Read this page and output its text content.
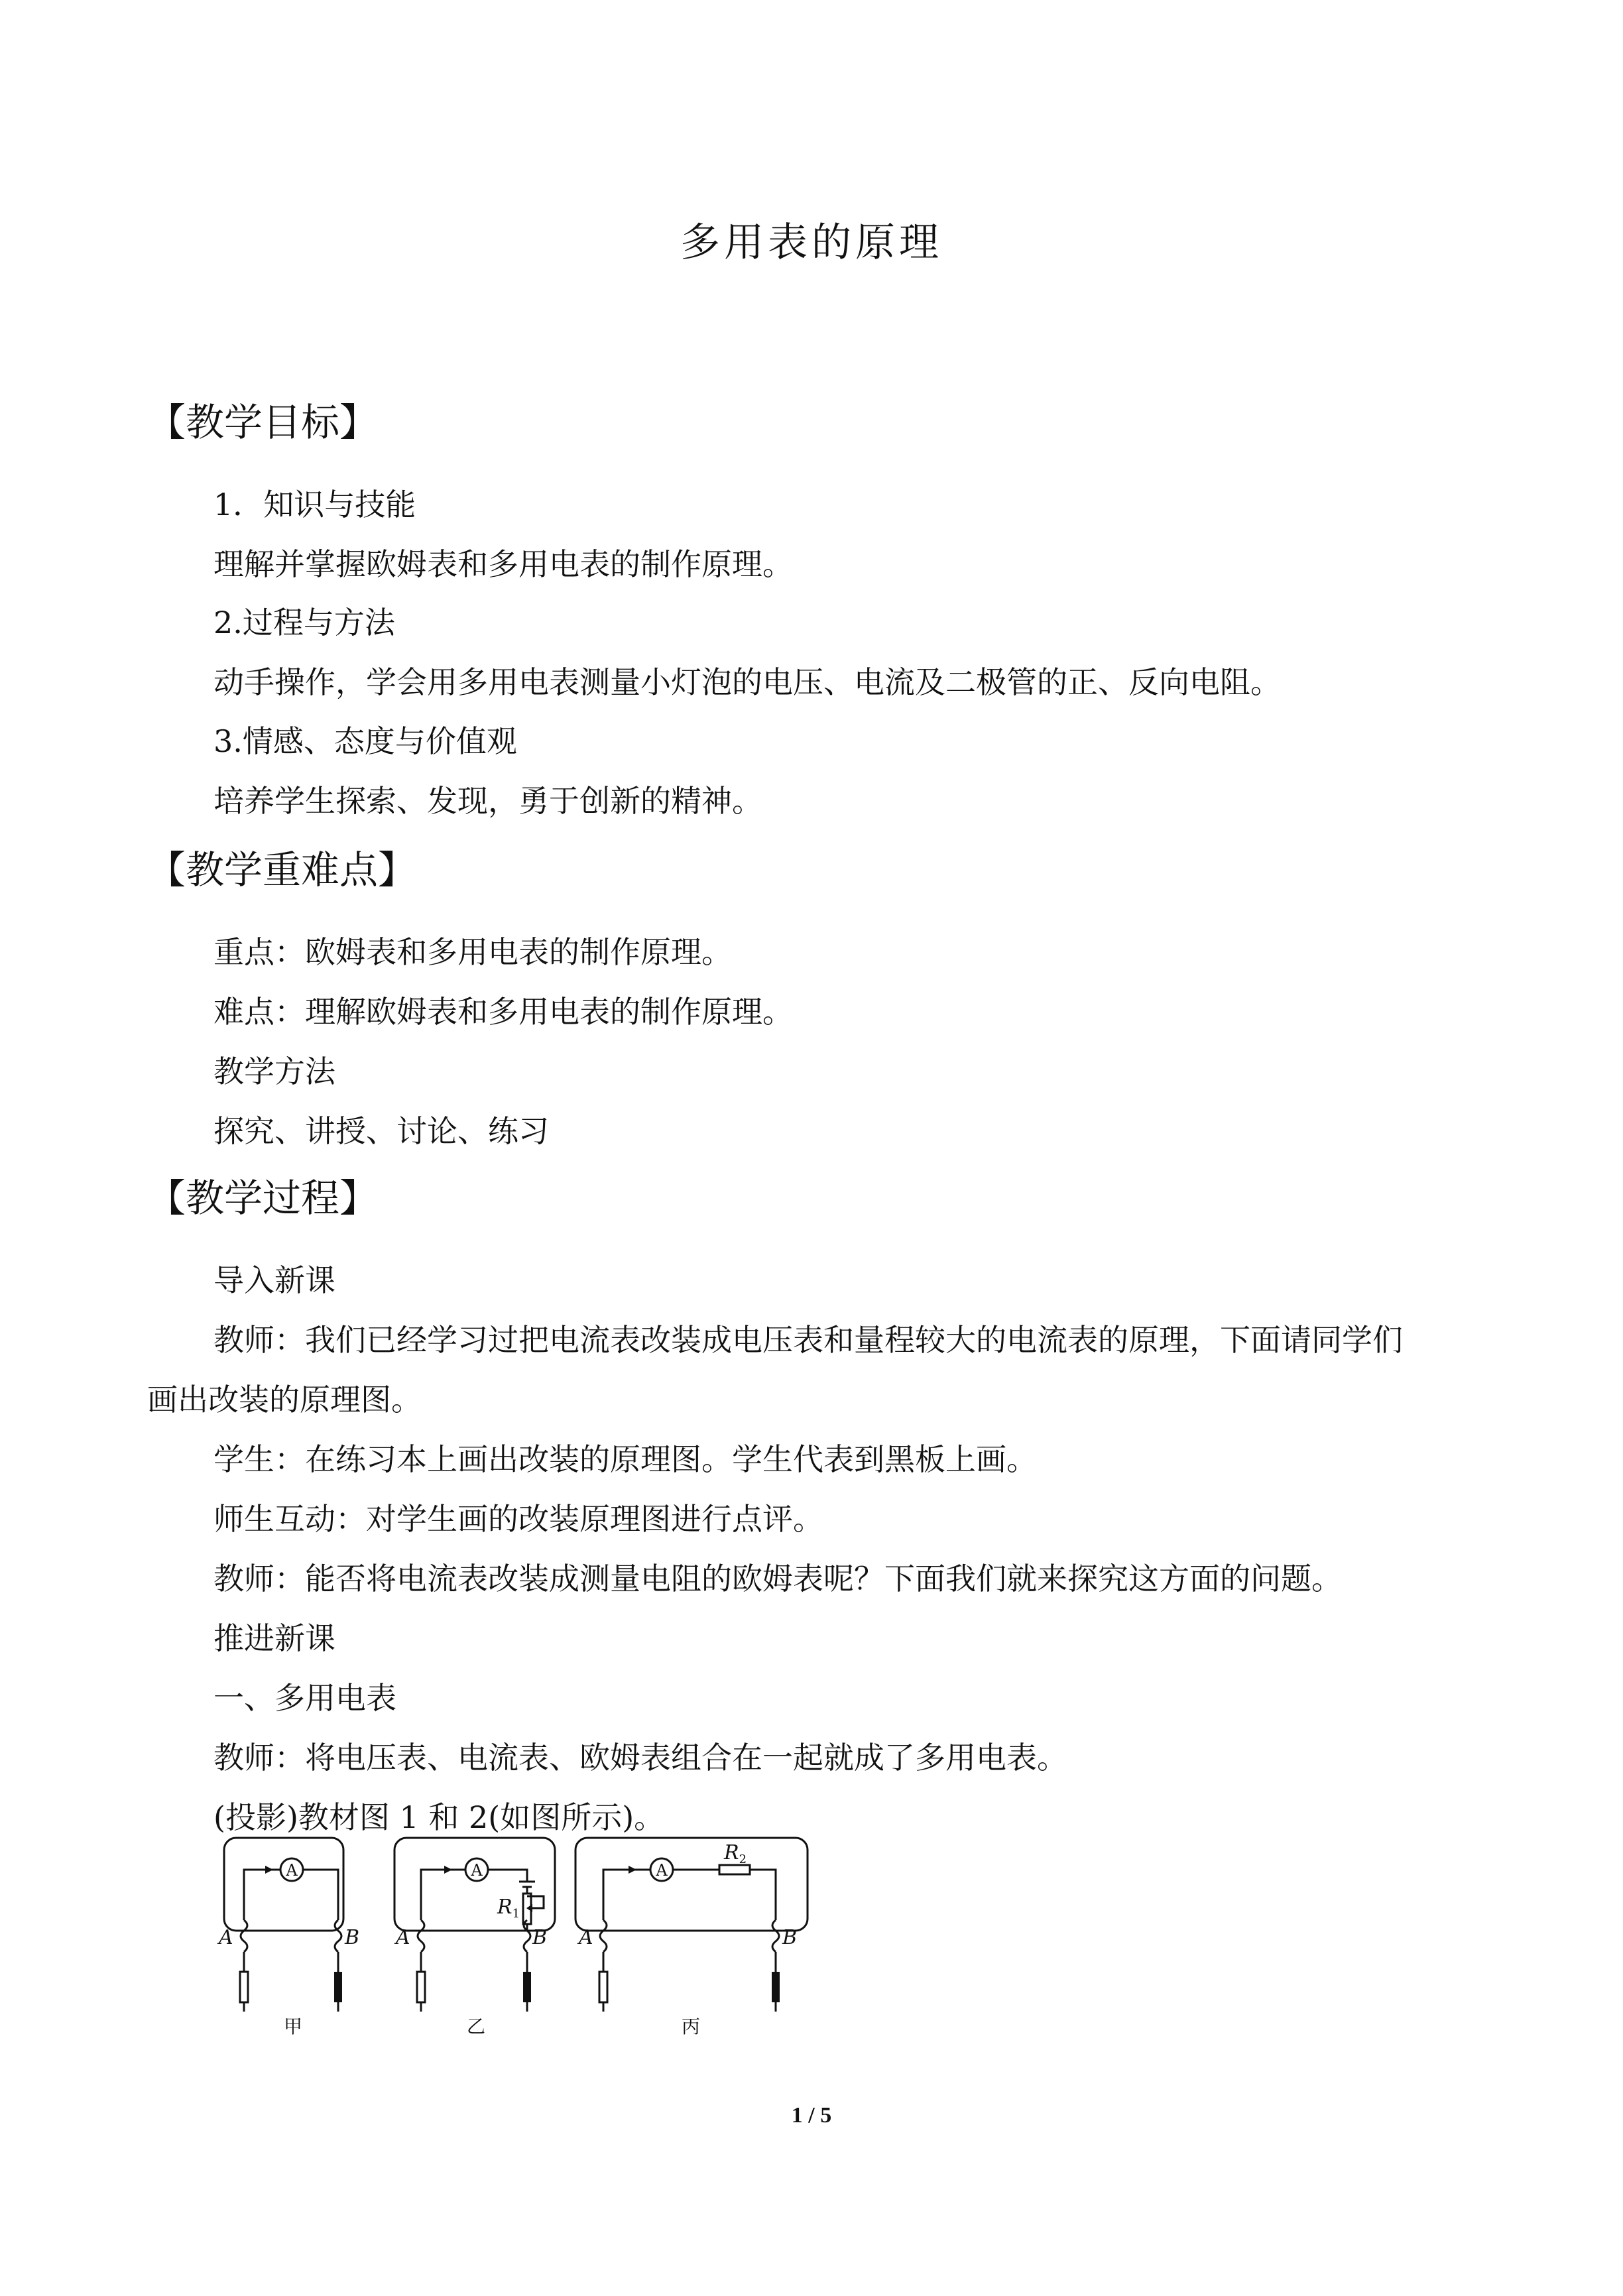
多用表的原理
【教学目标】
1．知识与技能
理解并掌握欧姆表和多用电表的制作原理。
2.过程与方法
动手操作，学会用多用电表测量小灯泡的电压、电流及二极管的正、反向电阻。
3.情感、态度与价值观
培养学生探索、发现，勇于创新的精神。
【教学重难点】
重点：欧姆表和多用电表的制作原理。
难点：理解欧姆表和多用电表的制作原理。
教学方法
探究、讲授、讨论、练习
【教学过程】
导入新课
教师：我们已经学习过把电流表改装成电压表和量程较大的电流表的原理，下面请同学们
画出改装的原理图。
学生：在练习本上画出改装的原理图。学生代表到黑板上画。
师生互动：对学生画的改装原理图进行点评。
教师：能否将电流表改装成测量电阻的欧姆表呢？下面我们就来探究这方面的问题。
推进新课
一、多用电表
教师：将电压表、电流表、欧姆表组合在一起就成了多用电表。
(投影)教材图 1 和 2(如图所示)。
A	A	A
A	B A	B A	B
$R_1$
$R_2$
甲	乙	丙
1 / 5
